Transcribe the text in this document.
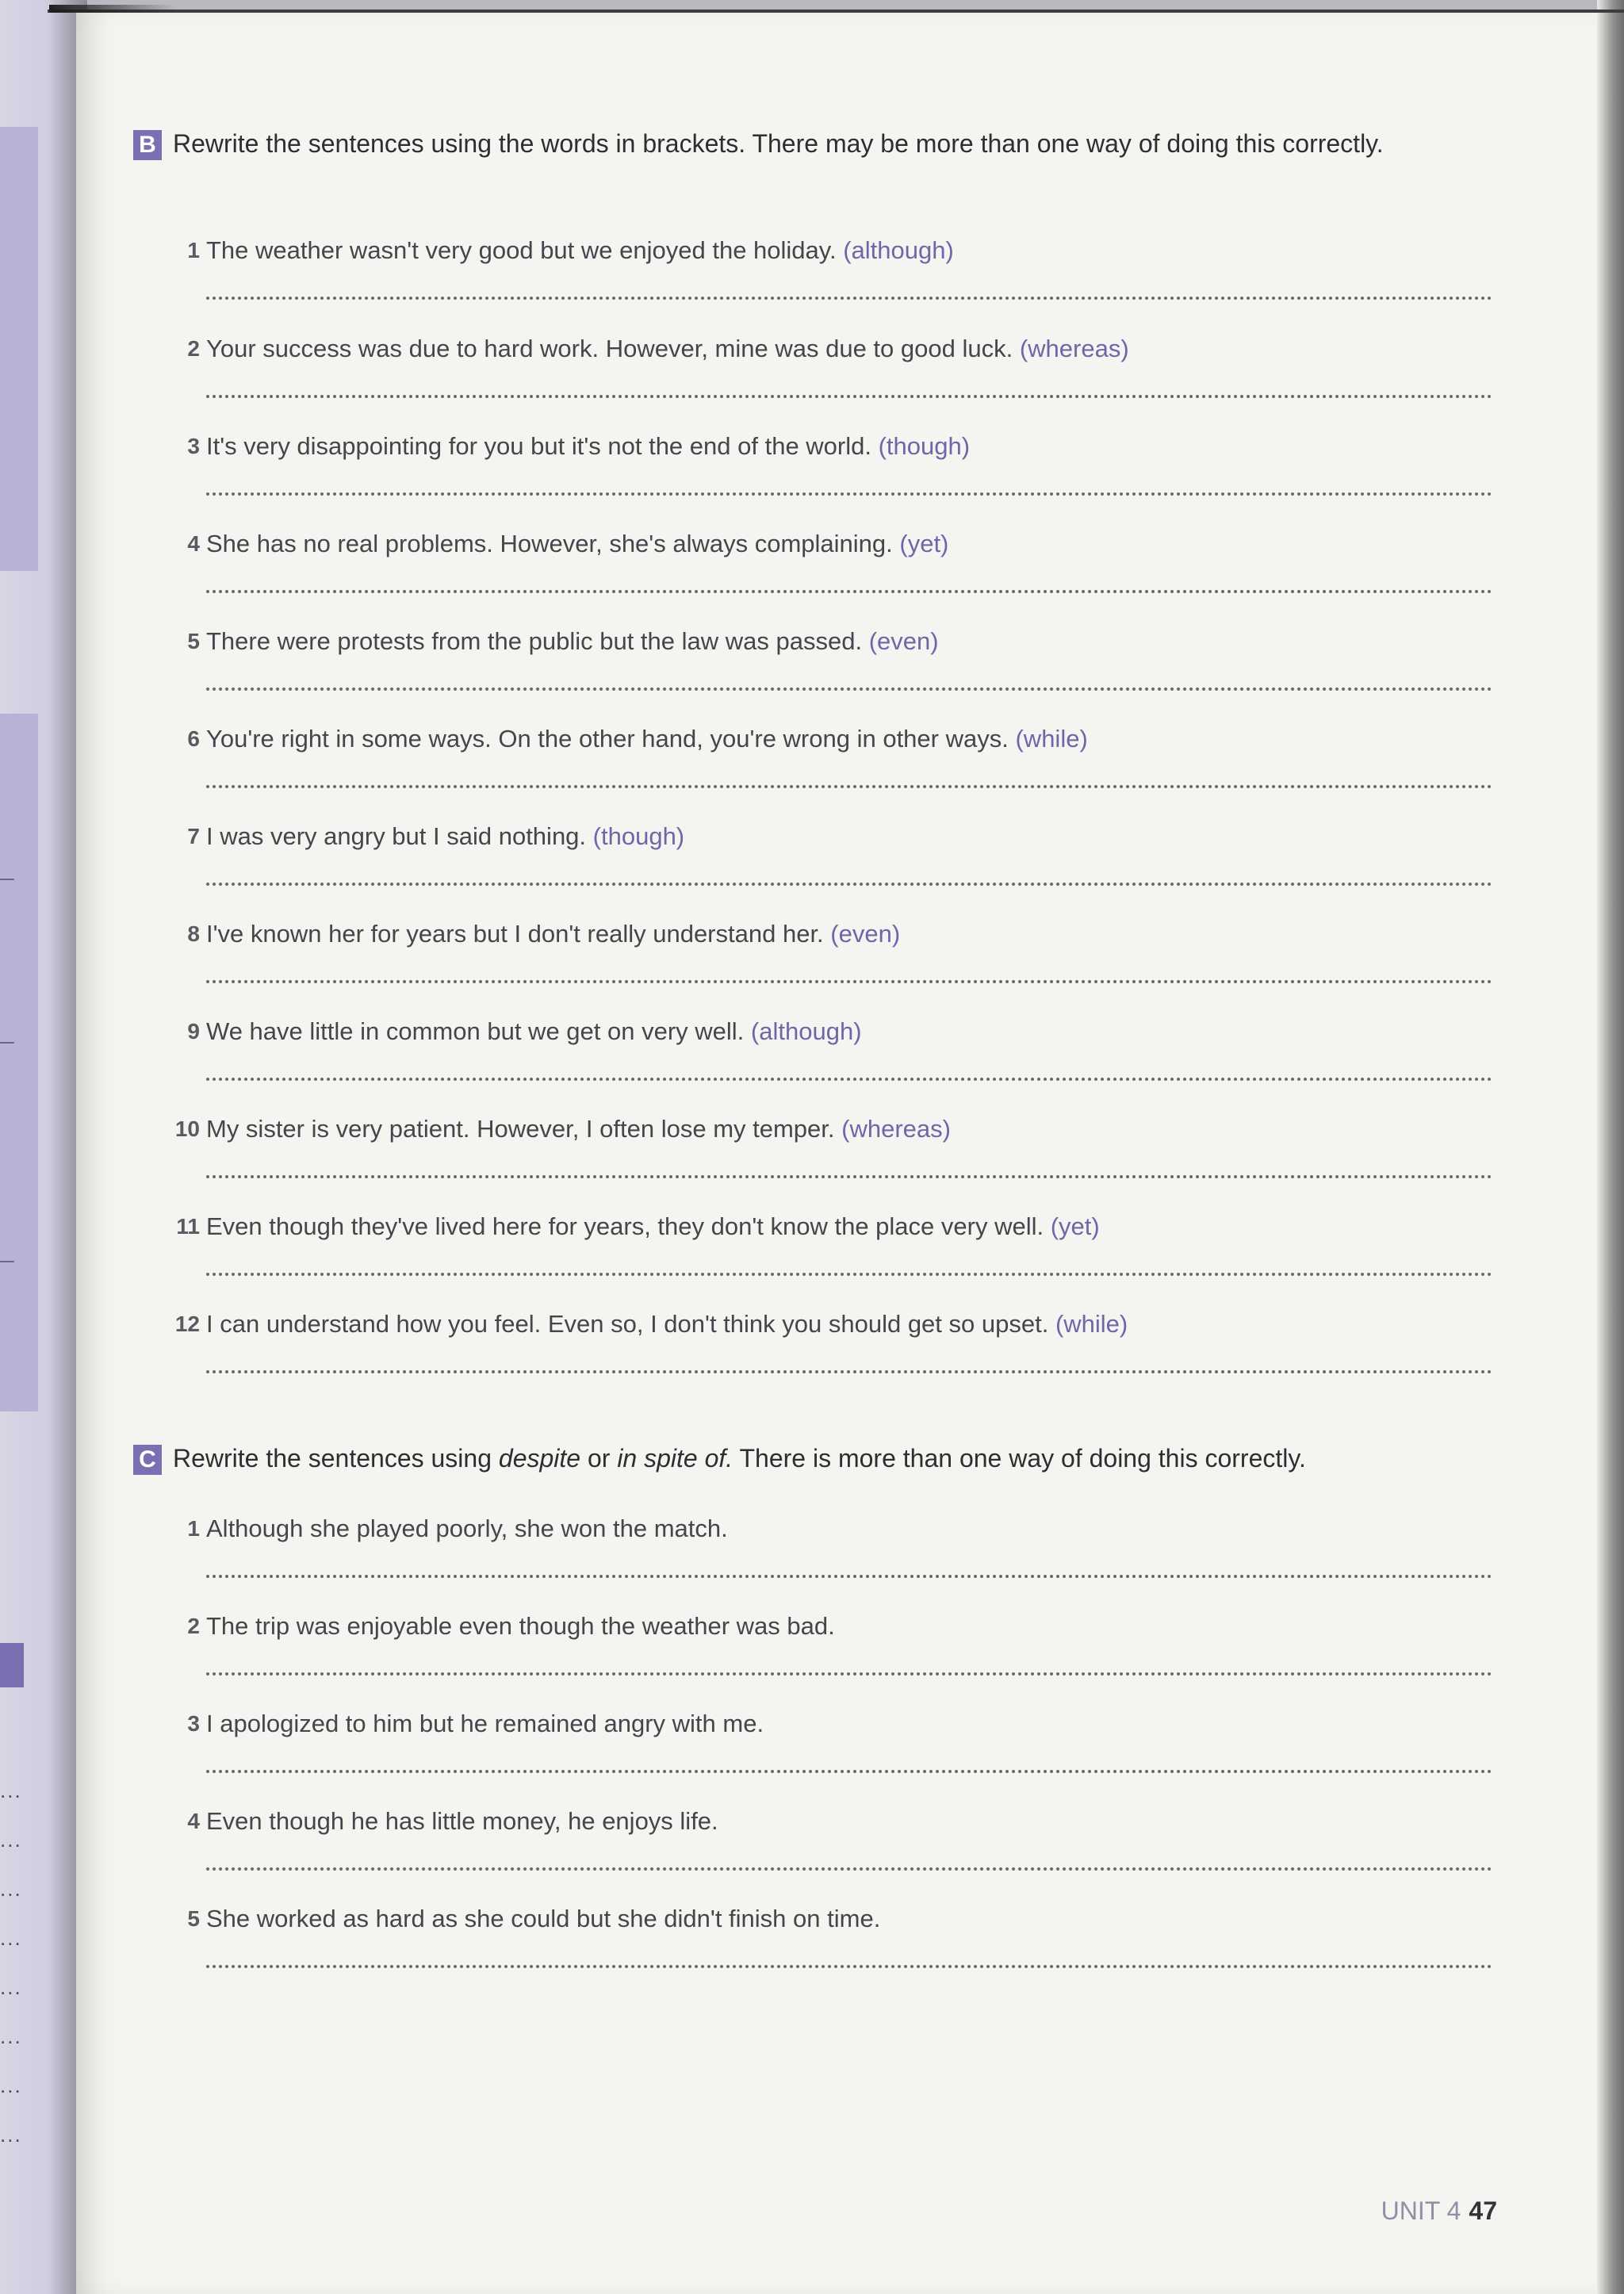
...
...
...
...
...
...
...
...
B Rewrite the sentences using the words in brackets. There may be more than one way of doing this correctly.
1 The weather wasn't very good but we enjoyed the holiday. (although)
2 Your success was due to hard work. However, mine was due to good luck. (whereas)
3 It's very disappointing for you but it's not the end of the world. (though)
4 She has no real problems. However, she's always complaining. (yet)
5 There were protests from the public but the law was passed. (even)
6 You're right in some ways. On the other hand, you're wrong in other ways. (while)
7 I was very angry but I said nothing. (though)
8 I've known her for years but I don't really understand her. (even)
9 We have little in common but we get on very well. (although)
10 My sister is very patient. However, I often lose my temper. (whereas)
11 Even though they've lived here for years, they don't know the place very well. (yet)
12 I can understand how you feel. Even so, I don't think you should get so upset. (while)
C Rewrite the sentences using despite or in spite of. There is more than one way of doing this correctly.
1 Although she played poorly, she won the match.
2 The trip was enjoyable even though the weather was bad.
3 I apologized to him but he remained angry with me.
4 Even though he has little money, he enjoys life.
5 She worked as hard as she could but she didn't finish on time.
UNIT 4 47
